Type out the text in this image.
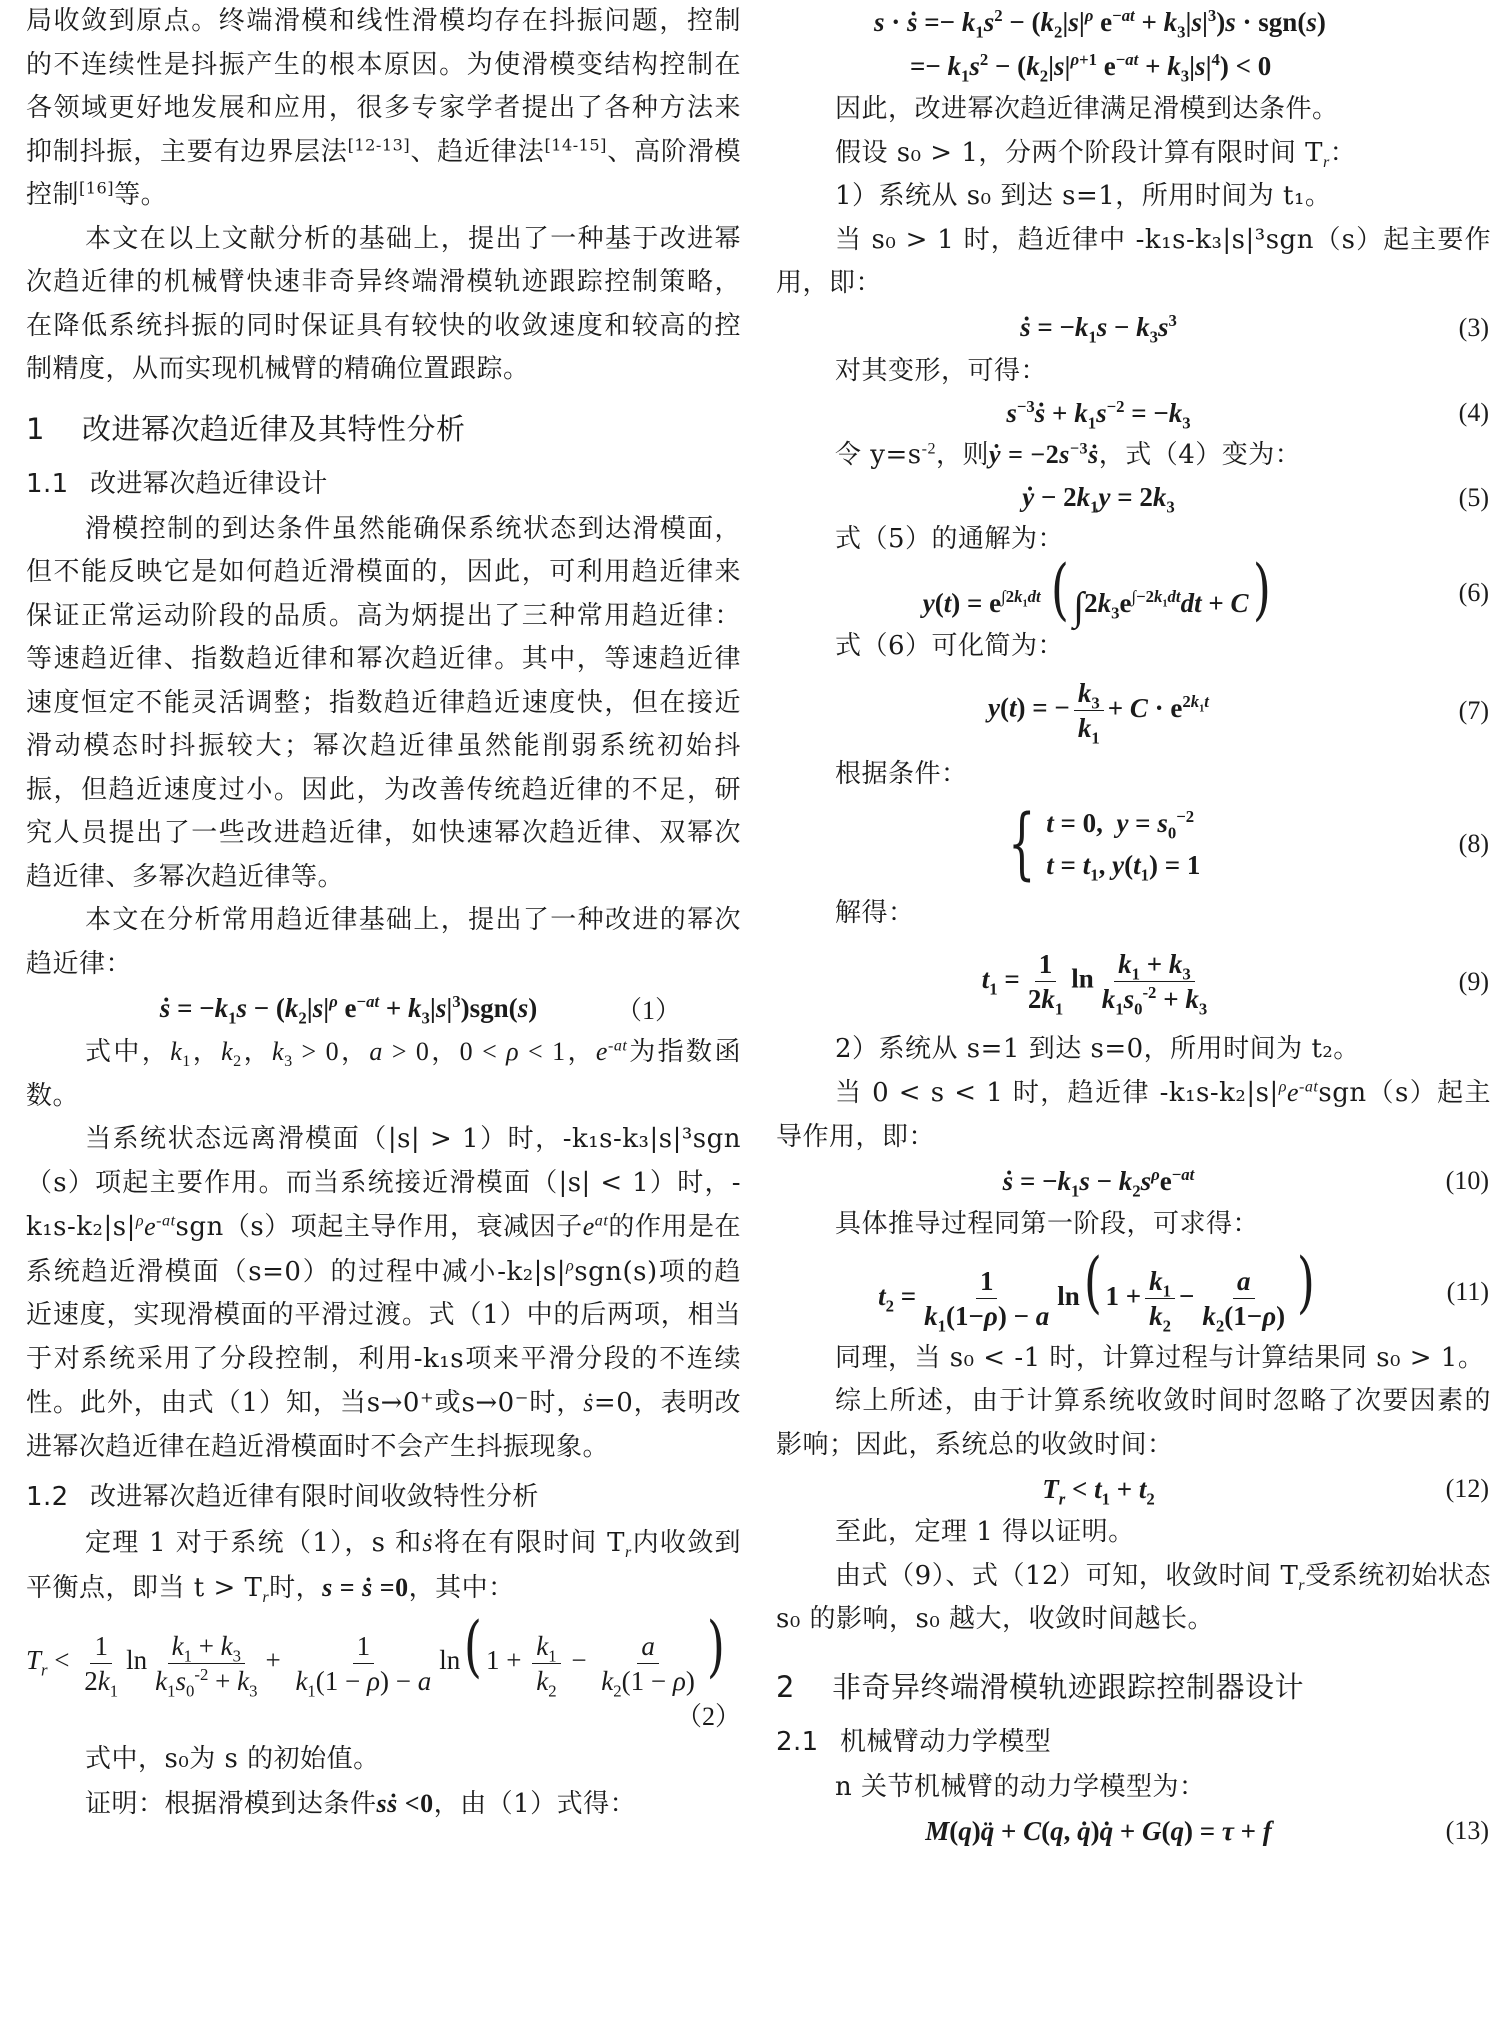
局收敛到原点。终端滑模和线性滑模均存在抖振问题，控制的不连续性是抖振产生的根本原因。为使滑模变结构控制在各领域更好地发展和应用，很多专家学者提出了各种方法来抑制抖振，主要有边界层法[12-13]、趋近律法[14-15]、高阶滑模控制[16]等。

本文在以上文献分析的基础上，提出了一种基于改进幂次趋近律的机械臂快速非奇异终端滑模轨迹跟踪控制策略，在降低系统抖振的同时保证具有较快的收敛速度和较高的控制精度，从而实现机械臂的精确位置跟踪。

1 改进幂次趋近律及其特性分析
1.1 改进幂次趋近律设计

滑模控制的到达条件虽然能确保系统状态到达滑模面，但不能反映它是如何趋近滑模面的，因此，可利用趋近律来保证正常运动阶段的品质。高为炳提出了三种常用趋近律：等速趋近律、指数趋近律和幂次趋近律。其中，等速趋近律速度恒定不能灵活调整；指数趋近律趋近速度快，但在接近滑动模态时抖振较大；幂次趋近律虽然能削弱系统初始抖振，但趋近速度过小。因此，为改善传统趋近律的不足，研究人员提出了一些改进趋近律，如快速幂次趋近律、双幂次趋近律、多幂次趋近律等。

本文在分析常用趋近律基础上，提出了一种改进的幂次趋近律：

ṡ = $-k_1s - (k_2|s|^\rho$ $e^{-at} + k_3|s|^3)sgn(s)$	（1）

式中，$k_1$，$k_2$，$k_3 > 0$，a > 0，0 < ρ < 1，$e^{-at}$为指数函数。

当系统状态远离滑模面（|s| > 1）时，-k₁s-k₃|s|³sgn（s）项起主要作用。而当系统接近滑模面（|s| < 1）时，$-k_1s-k_2|s|^\rho e^{-at}sgn(s)$项起主导作用，衰减因子$e^{at}$的作用是在系统趋近滑模面（s=0）的过程中减小$-k_2|s|^\rho sgn(s)$项的趋近速度，实现滑模面的平滑过渡。式（1）中的后两项，相当于对系统采用了分段控制，利用-k₁s项来平滑分段的不连续性。此外，由式（1）知，当s→0⁺或s→0⁻时，ṡ=0，表明改进幂次趋近律在趋近滑模面时不会产生抖振现象。

1.2 改进幂次趋近律有限时间收敛特性分析

定理 1 对于系统（1），s 和ṡ将在有限时间 $T_r$内收敛到平衡点，即当 $t > T_r$时，s = ṡ =0，其中：

$T_r < \frac{1}{2k_1}$ $\ln \frac{k_1 + k_3}{k_1s_0^{-2} + k_3} + \frac{1}{k_1(1 - \rho) - a} \ln$( $1 + \frac{k_1}{k_2} - \frac{a}{k_2(1 - \rho)}$ )
（2）

式中，s₀为 s 的初始值。

证明：根据滑模到达条件sṡ <0，由（1）式得：

s · ṡ =− $k_1s^2 - (k_2|s|^\rho$ $e^{-at} + k_3|s|^3)s \cdot sgn(s)$
=− $k_1s^2 - (k_2|s|^{\rho+1}$ $e^{-at} + k_3|s|^4) < 0$

因此，改进幂次趋近律满足滑模到达条件。

假设 s₀ > 1，分两个阶段计算有限时间 $T_r$：

1）系统从 s₀ 到达 s=1，所用时间为 t₁。

当 s₀ > 1 时，趋近律中 -k₁s-k₃|s|³sgn（s）起主要作用，即：

ṡ = $-k_1s - k_3s^3$	(3)

对其变形，可得：

$s^{-3}ṡ + k_1s^{-2} = -k_3$	(4)

令 $y=s^{-2}$，则ẏ = $-2s^{-3}ṡ$，式（4）变为：

ẏ − $2k_1y = 2k_3$	(5)

式（5）的通解为：

$y(t) = e^{\int 2k_1dt}$ $(\int 2k_3e^{\int-2k_1dt}dt + C)$	(6)

式（6）可化简为：

y(t) = − $\frac{k_3}{k_1} + C \cdot e^{2k_1t}$	(7)

根据条件：

{ t = 0,  $y = s_0^{-2}$
$t = t_1$, $y(t_1) = 1$
(8)

解得：

$t_1 = \frac{1}{2k_1}$ $\ln \frac{k_1 + k_3}{k_1s_0^{-2} + k_3}$	(9)

2）系统从 s=1 到达 s=0，所用时间为 t₂。

当 0 < s < 1 时，趋近律 $-k_1s-k_2|s|^\rho e^{-at}sgn(s)$起主导作用，即：

ṡ = $-k_1s - k_2s^\rho e^{-at}$	(10)

具体推导过程同第一阶段，可求得：

$t_2 = \frac{1}{k_1(1-\rho) - a} \ln$( $1 + \frac{k_1}{k_2} - \frac{a}{k_2(1-\rho)}$ )	(11)

同理，当 s₀ < -1 时，计算过程与计算结果同 s₀ > 1。

综上所述，由于计算系统收敛时间时忽略了次要因素的影响；因此，系统总的收敛时间：

$T_r < t_1 + t_2$	(12)

至此，定理 1 得以证明。

由式（9）、式（12）可知，收敛时间 $T_r$受系统初始状态 s₀ 的影响，s₀ 越大，收敛时间越长。

2 非奇异终端滑模轨迹跟踪控制器设计
2.1 机械臂动力学模型

n 关节机械臂的动力学模型为：

M(q)q̈ + C(q, q̇)q̇ + G(q) = τ + f	(13)
